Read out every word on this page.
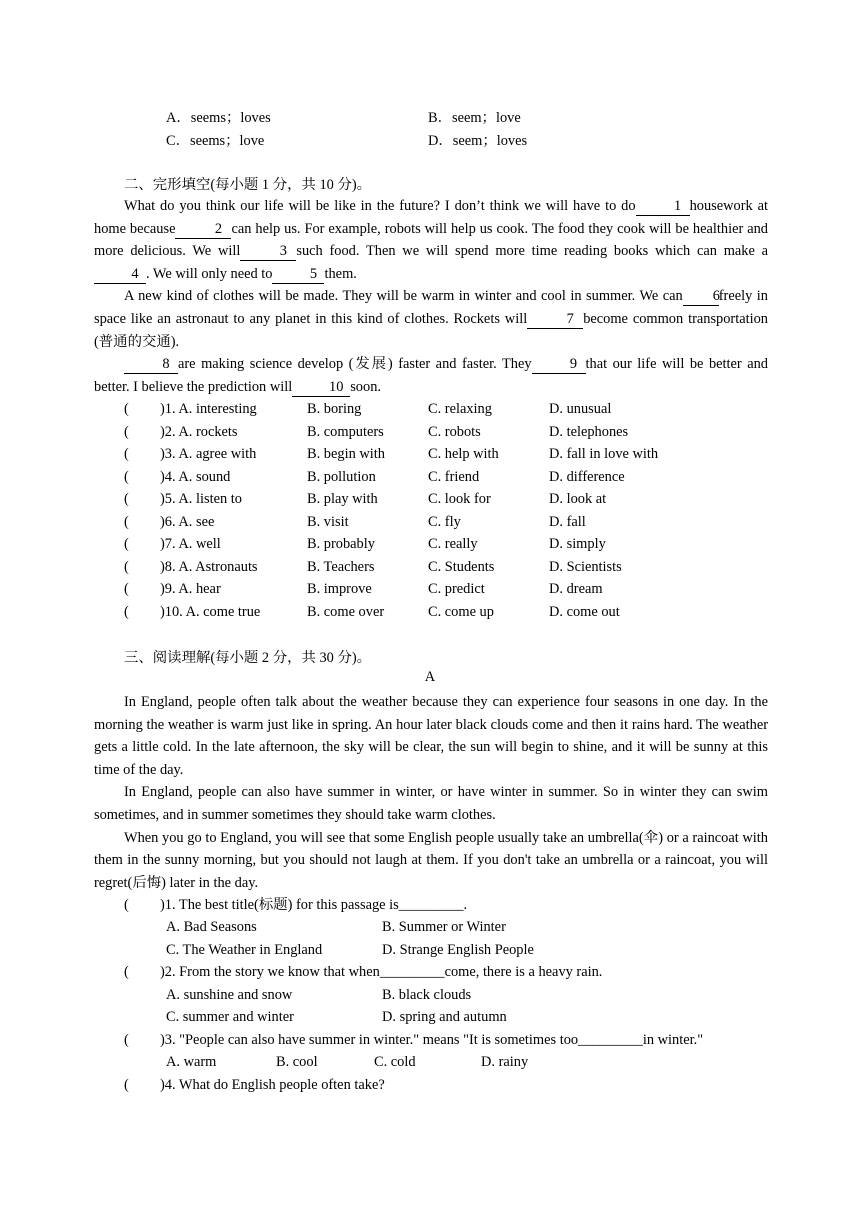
A．seems；loves	B．seem；love
C．seems；love	D．seem；loves
二、完形填空(每小题 1 分，共 10 分)。

What do you think our life will be like in the future? I don’t think we will have to do	1 housework at home because	2 can help us. For example, robots will help us cook. The food they cook will be healthier and more delicious. We will	3 such food. Then we will spend more time reading books which can make a4 . We will only need to	5 them.

A new kind of clothes will be made. They will be warm in winter and cool in summer. We can 6freely in space like an astronaut to any planet in this kind of clothes. Rockets will	7 become common transportation (普通的交通).

8 are making science develop (发展) faster and faster. They	9 that our life will be better and better. I believe the prediction will	10 soon.

( )1. A. interesting	B. boring	C. relaxing	D. unusual
( )2. A. rockets	B. computers	C. robots	D. telephones
( )3. A. agree with	B. begin with	C. help with	D. fall in love with
( )4. A. sound	B. pollution	C. friend	D. difference
( )5. A. listen to	B. play with	C. look for	D. look at
( )6. A. see	B. visit	C. fly	D. fall
( )7. A. well	B. probably	C. really	D. simply
( )8. A. Astronauts	B. Teachers	C. Students	D. Scientists
( )9. A. hear	B. improve	C. predict	D. dream
( )10. A. come true	B. come over	C. come up	D. come out
三、阅读理解(每小题 2 分，共 30 分)。
A

In England, people often talk about the weather because they can experience four seasons in one day. In the morning the weather is warm just like in spring. An hour later black clouds come and then it rains hard. The weather gets a little cold. In the late afternoon, the sky will be clear, the sun will begin to shine, and it will be sunny at this time of the day.

In England, people can also have summer in winter, or have winter in summer. So in winter they can swim sometimes, and in summer sometimes they should take warm clothes.

When you go to England, you will see that some English people usually take an umbrella(伞) or a raincoat with them in the sunny morning, but you should not laugh at them. If you don't take an umbrella or a raincoat, you will regret(后悔) later in the day.

( )1. The best title(标题) for this passage is_________.
A. Bad Seasons	B. Summer or Winter
C. The Weather in England	D. Strange English People
( )2. From the story we know that when_________come, there is a heavy rain.
A. sunshine and snow	B. black clouds
C. summer and winter	D. spring and autumn
( )3. "People can also have summer in winter." means "It is sometimes too_________in winter."
A. warm	B. cool	C. cold	D. rainy
( )4. What do English people often take?
